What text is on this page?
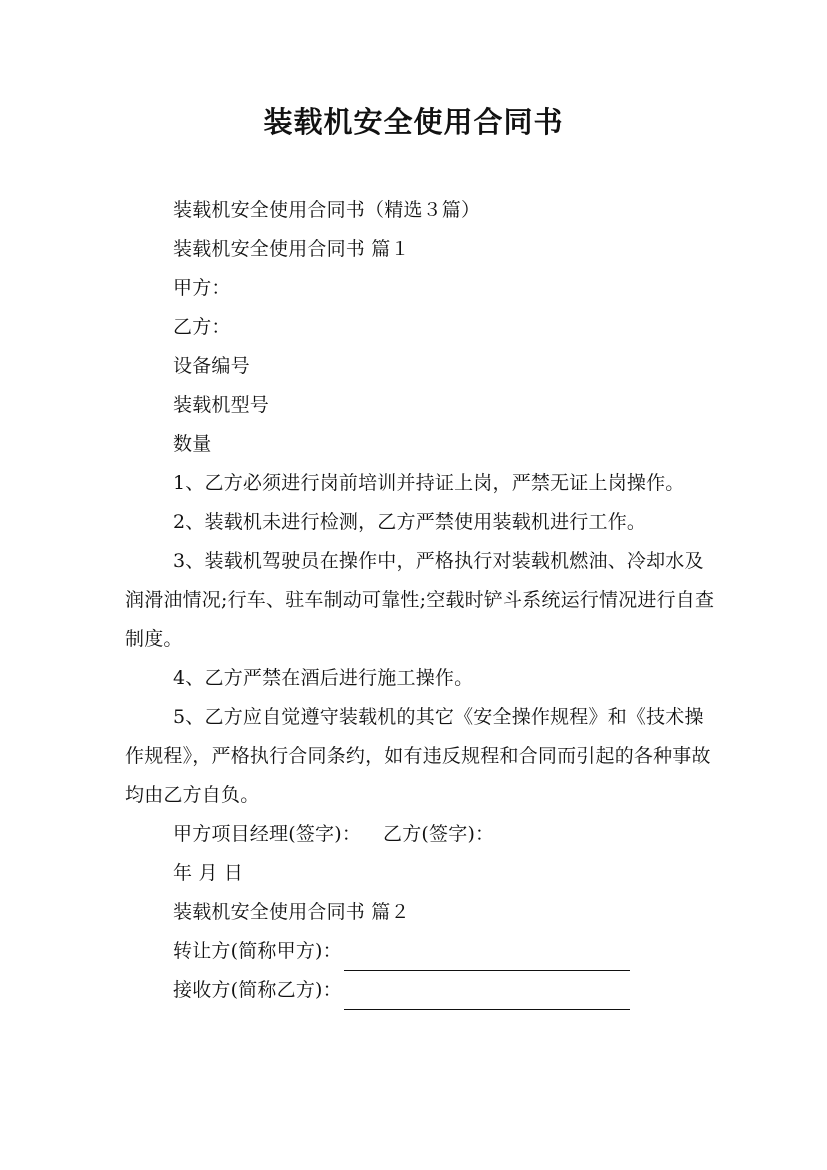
装载机安全使用合同书

装载机安全使用合同书（精选３篇）

装载机安全使用合同书 篇１

甲方：

乙方：

设备编号

装载机型号

数量

1、乙方必须进行岗前培训并持证上岗，严禁无证上岗操作。

2、装载机未进行检测，乙方严禁使用装载机进行工作。

3、装载机驾驶员在操作中，严格执行对装载机燃油、冷却水及润滑油情况;行车、驻车制动可靠性;空载时铲斗系统运行情况进行自查制度。

4、乙方严禁在酒后进行施工操作。

5、乙方应自觉遵守装载机的其它《安全操作规程》和《技术操作规程》，严格执行合同条约，如有违反规程和合同而引起的各种事故均由乙方自负。

甲方项目经理(签字)： 乙方(签字)：

年 月 日

装载机安全使用合同书 篇２

转让方(简称甲方)：

接收方(简称乙方)：
